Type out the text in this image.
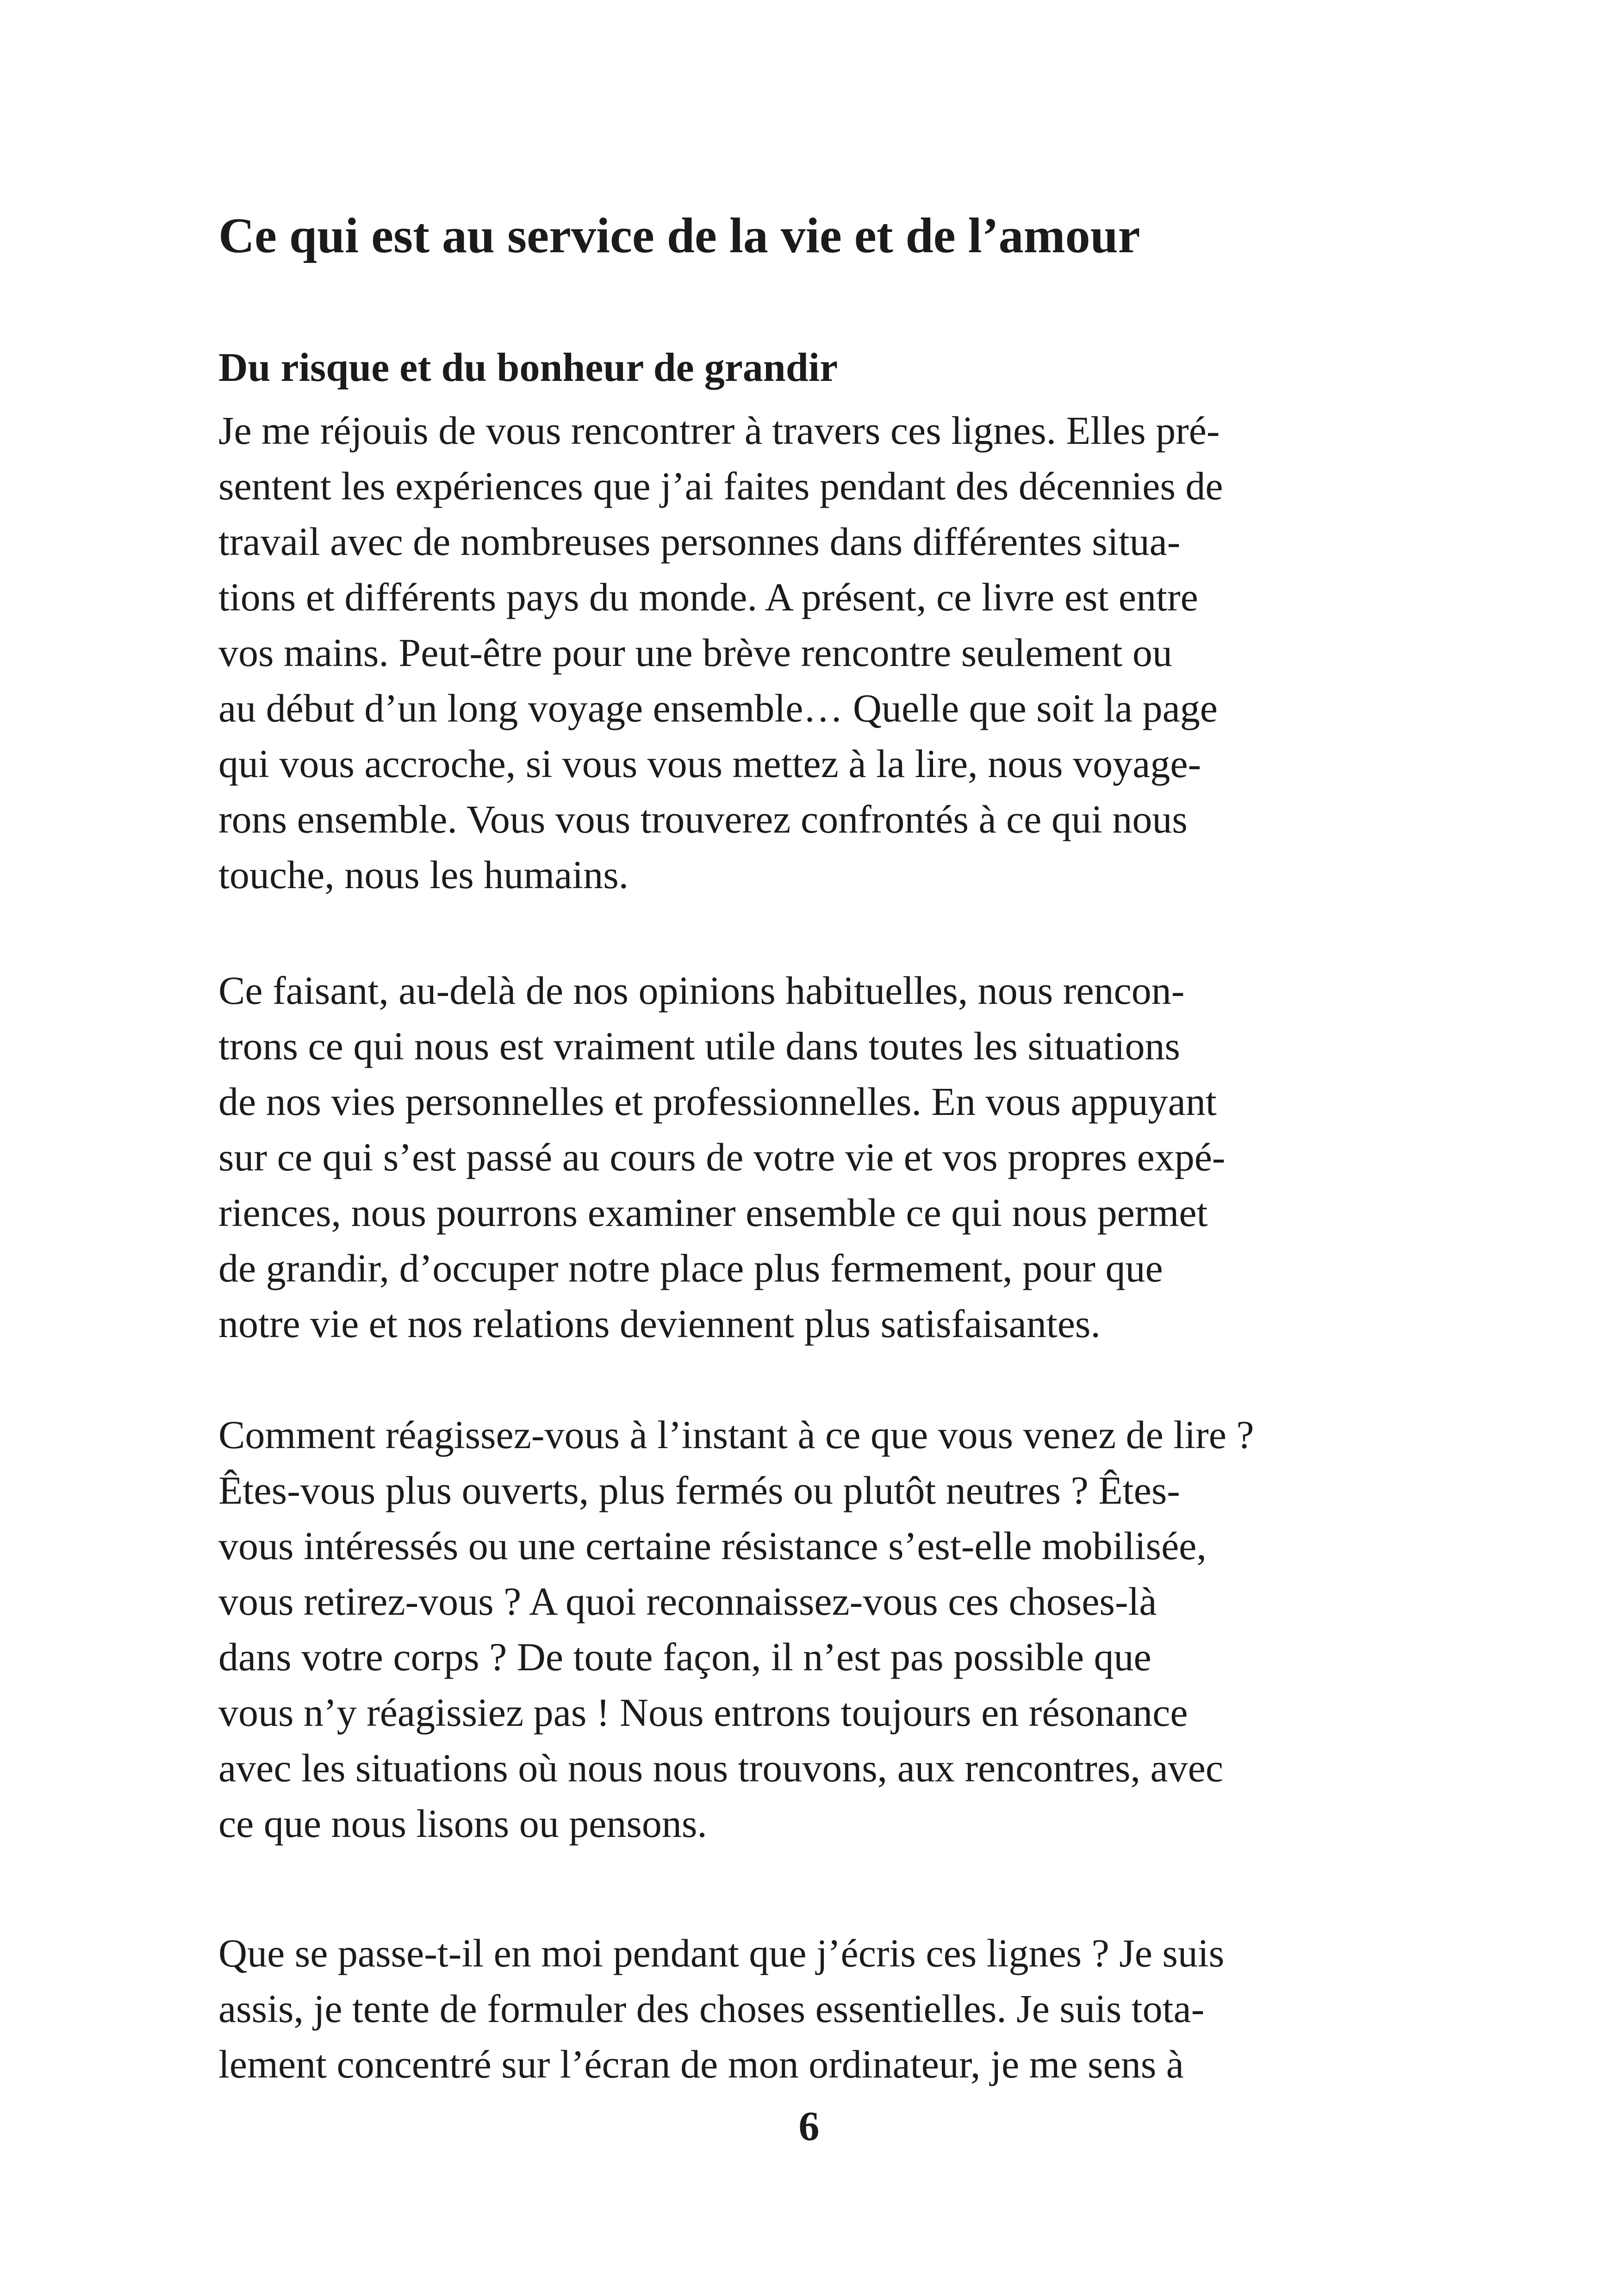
Ce qui est au service de la vie et de l’amour
Du risque et du bonheur de grandir

Je me réjouis de vous rencontrer à travers ces lignes. Elles pré-
sentent les expériences que j’ai faites pendant des décennies de
travail avec de nombreuses personnes dans différentes situa-
tions et différents pays du monde. A présent, ce livre est entre
vos mains. Peut-être pour une brève rencontre seulement ou
au début d’un long voyage ensemble… Quelle que soit la page
qui vous accroche, si vous vous mettez à la lire, nous voyage-
rons ensemble. Vous vous trouverez confrontés à ce qui nous
touche, nous les humains.

Ce faisant, au-delà de nos opinions habituelles, nous rencon-
trons ce qui nous est vraiment utile dans toutes les situations
de nos vies personnelles et professionnelles. En vous appuyant
sur ce qui s’est passé au cours de votre vie et vos propres expé-
riences, nous pourrons examiner ensemble ce qui nous permet
de grandir, d’occuper notre place plus fermement, pour que
notre vie et nos relations deviennent plus satisfaisantes.

Comment réagissez-vous à l’instant à ce que vous venez de lire ?
Êtes-vous plus ouverts, plus fermés ou plutôt neutres ? Êtes-
vous intéressés ou une certaine résistance s’est-elle mobilisée,
vous retirez-vous ? A quoi reconnaissez-vous ces choses-là
dans votre corps ? De toute façon, il n’est pas possible que
vous n’y réagissiez pas ! Nous entrons toujours en résonance
avec les situations où nous nous trouvons, aux rencontres, avec
ce que nous lisons ou pensons.

Que se passe-t-il en moi pendant que j’écris ces lignes ? Je suis
assis, je tente de formuler des choses essentielles. Je suis tota-
lement concentré sur l’écran de mon ordinateur, je me sens à

6
